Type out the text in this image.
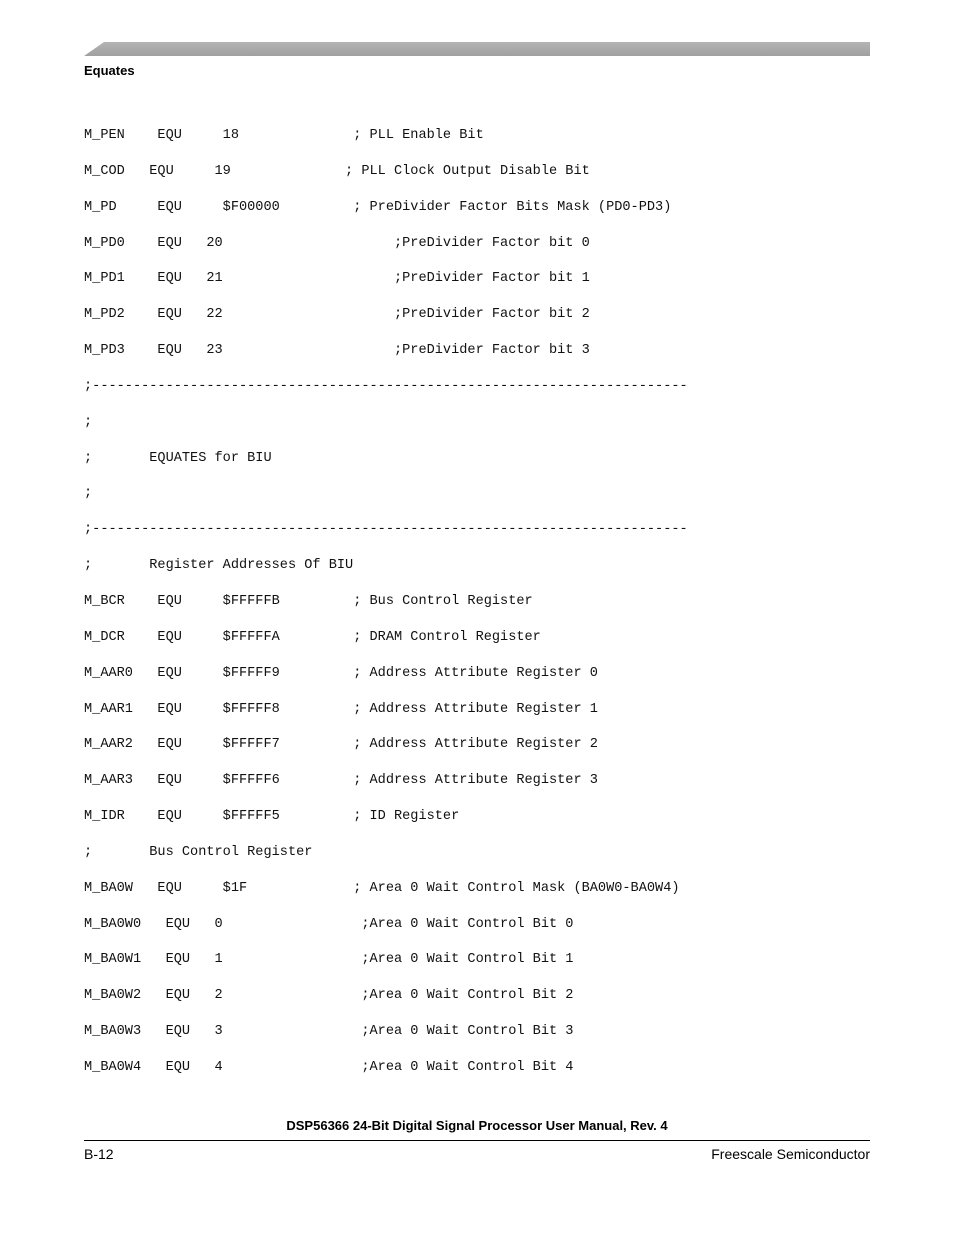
Equates
M_PEN    EQU     18              ; PLL Enable Bit
M_COD   EQU     19              ; PLL Clock Output Disable Bit
M_PD     EQU     $F00000         ; PreDivider Factor Bits Mask (PD0-PD3)
M_PD0    EQU   20                     ;PreDivider Factor bit 0
M_PD1    EQU   21                     ;PreDivider Factor bit 1
M_PD2    EQU   22                     ;PreDivider Factor bit 2
M_PD3    EQU   23                     ;PreDivider Factor bit 3
;-------------------------------------------------------------------------
;
;       EQUATES for BIU
;
;-------------------------------------------------------------------------
;       Register Addresses Of BIU
M_BCR    EQU     $FFFFFB         ; Bus Control Register
M_DCR    EQU     $FFFFFA         ; DRAM Control Register
M_AAR0   EQU     $FFFFF9         ; Address Attribute Register 0
M_AAR1   EQU     $FFFFF8         ; Address Attribute Register 1
M_AAR2   EQU     $FFFFF7         ; Address Attribute Register 2
M_AAR3   EQU     $FFFFF6         ; Address Attribute Register 3
M_IDR    EQU     $FFFFF5         ; ID Register
;       Bus Control Register
M_BA0W   EQU     $1F             ; Area 0 Wait Control Mask (BA0W0-BA0W4)
M_BA0W0   EQU   0                 ;Area 0 Wait Control Bit 0
M_BA0W1   EQU   1                 ;Area 0 Wait Control Bit 1
M_BA0W2   EQU   2                 ;Area 0 Wait Control Bit 2
M_BA0W3   EQU   3                 ;Area 0 Wait Control Bit 3
M_BA0W4   EQU   4                 ;Area 0 Wait Control Bit 4
DSP56366 24-Bit Digital Signal Processor User Manual, Rev. 4
B-12	Freescale Semiconductor
